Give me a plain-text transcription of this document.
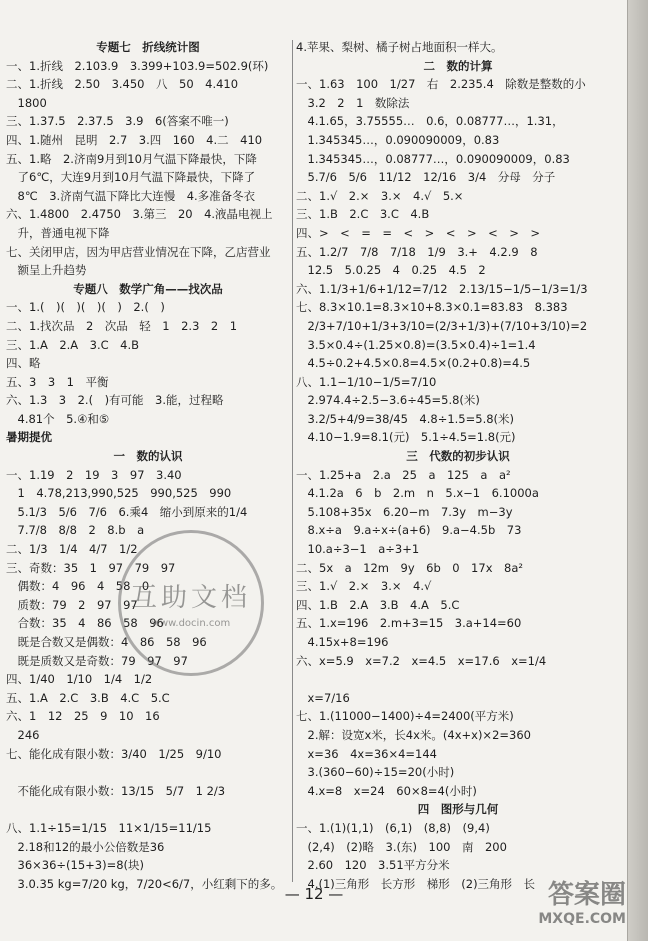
专题七　折线统计图
一、1.折线　2.103.9　3.399+103.9=502.9(环)
二、1.折线　2.50　3.450　八　50　4.410
　1800
三、1.37.5　2.37.5　3.9　6(答案不唯一)
四、1.随州　昆明　2.7　3.四　160　4.二　410
五、1.略　2.济南9月到10月气温下降最快，下降
　了6℃，大连9月到10月气温下降最快，下降了
　8℃　3.济南气温下降比大连慢　4.多准备冬衣
六、1.4800　2.4750　3.第三　20　4.液晶电视上
　升，普通电视下降
七、关闭甲店，因为甲店营业情况在下降，乙店营业
　额呈上升趋势
专题八　数学广角——找次品
一、1.(　)(　)(　)(　)　2.(　)
二、1.找次品　2　次品　轻　1　2.3　2　1
三、1.A　2.A　3.C　4.B
四、略
五、3　3　1　平衡
六、1.3　3　2.(　)有可能　3.能，过程略
　4.81个　5.④和⑤
暑期提优
一　数的认识
一、1.19　2　19　3　97　3.40
　1　4.78,213,990,525　990,525　990
　5.1/3　5/6　7/6　6.乘4　缩小到原来的1/4
　7.7/8　8/8　2　8.b　a
二、1/3　1/4　4/7　1/2
三、奇数：35　1　97　79　97
　偶数：4　96　4　58　0
　质数：79　2　97　97
　合数：35　4　86　58　96
　既是合数又是偶数：4　86　58　96
　既是质数又是奇数：79　97　97
四、1/40　1/10　1/4　1/2
五、1.A　2.C　3.B　4.C　5.C
六、1　12　25　9　10　16
　246
七、能化成有限小数：3/40　1/25　9/10

　不能化成有限小数：13/15　5/7　1 2/3

八、1.1÷15=1/15　11×1/15=11/15
　2.18和12的最小公倍数是36
　36×36÷(15+3)=8(块)
　3.0.35 kg=7/20 kg，7/20<6/7，小红剩下的多。
4.苹果、梨树、橘子树占地面积一样大。
二　数的计算
一、1.63　100　1/27　右　2.235.4　除数是整数的小
　3.2　2　1　数除法
　4.1.65，3.75555…　0.6，0.08777…，1.31，
　1.345345…，0.090090009，0.83
　1.345345…，0.08777…，0.090090009，0.83
　5.7/6　5/6　11/12　12/16　3/4　分母　分子
二、1.√　2.×　3.×　4.√　5.×
三、1.B　2.C　3.C　4.B
四、>　<　=　=　<　>　<　>　<　>　>
五、1.2/7　7/8　7/18　1/9　3.+　4.2.9　8
　12.5　5.0.25　4　0.25　4.5　2
六、1.1/3+1/6+1/12=7/12　2.13/15−1/5−1/3=1/3
七、8.3×10.1=8.3×10+8.3×0.1=83.83　8.383
　2/3+7/10+1/3+3/10=(2/3+1/3)+(7/10+3/10)=2
　3.5×0.4÷(1.25×0.8)=(3.5×0.4)÷1=1.4
　4.5÷0.2+4.5×0.8=4.5×(0.2+0.8)=4.5
八、1.1−1/10−1/5=7/10
　2.974.4÷2.5−3.6÷45=5.8(米)
　3.2/5+4/9=38/45　4.8÷1.5=5.8(米)
　4.10−1.9=8.1(元)　5.1÷4.5=1.8(元)
三　代数的初步认识
一、1.25+a　2.a　25　a　125　a　a²
　4.1.2a　6　b　2.m　n　5.x−1　6.1000a
　5.108+35x　6.20−m　7.3y　m−3y
　8.x÷a　9.a÷x÷(a+6)　9.a−4.5b　73
　10.a÷3−1　a÷3+1
二、5x　a　12m　9y　6b　0　17x　8a²
三、1.√　2.×　3.×　4.√
四、1.B　2.A　3.B　4.A　5.C
五、1.x=196　2.m+3=15　3.a+14=60
　4.15x+8=196
六、x=5.9　x=7.2　x=4.5　x=17.6　x=1/4

　x=7/16
七、1.(11000−1400)÷4=2400(平方米)
　2.解：设宽x米，长4x米。(4x+x)×2=360
　x=36　4x=36×4=144
　3.(360−60)÷15=20(小时)
　4.x=8　x=24　60×8=4(小时)
四　图形与几何
一、1.(1)(1,1)　(6,1)　(8,8)　(9,4)
　(2,4)　(2)略　3.(东)　100　南　200
　2.60　120　3.51平方分米
　4.(1)三角形　长方形　梯形　(2)三角形　长
— 12 —
互助文档
www.docin.com
答案圈
MXQE.COM
